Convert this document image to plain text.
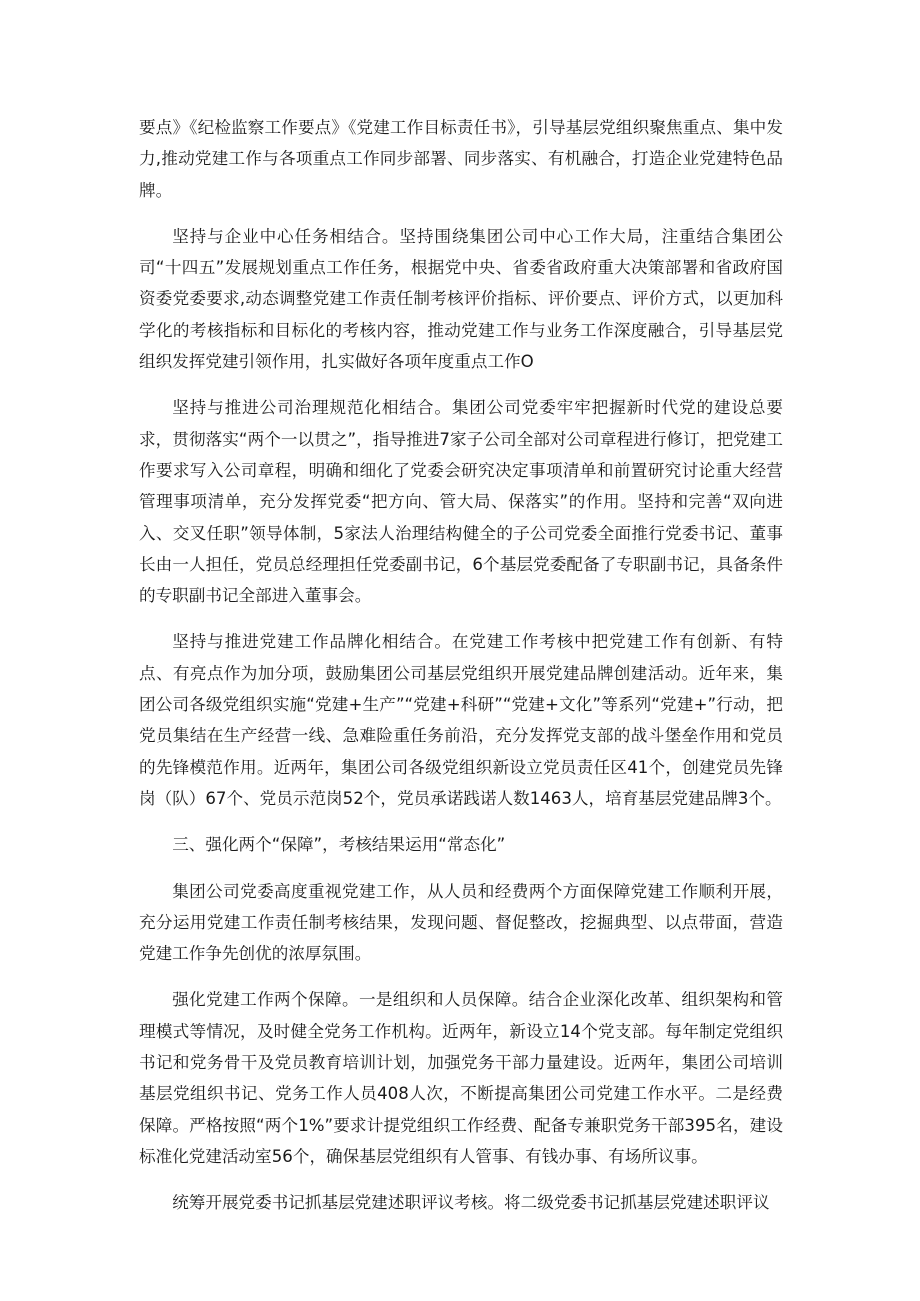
要点》《纪检监察工作要点》《党建工作目标责任书》，引导基层党组织聚焦重点、集中发力,推动党建工作与各项重点工作同步部署、同步落实、有机融合，打造企业党建特色品牌。

坚持与企业中心任务相结合。坚持围绕集团公司中心工作大局，注重结合集团公司“十四五”发展规划重点工作任务，根据党中央、省委省政府重大决策部署和省政府国资委党委要求,动态调整党建工作责任制考核评价指标、评价要点、评价方式，以更加科学化的考核指标和目标化的考核内容，推动党建工作与业务工作深度融合，引导基层党组织发挥党建引领作用，扎实做好各项年度重点工作O

坚持与推进公司治理规范化相结合。集团公司党委牢牢把握新时代党的建设总要求，贯彻落实“两个一以贯之”，指导推进7家子公司全部对公司章程进行修订，把党建工作要求写入公司章程，明确和细化了党委会研究决定事项清单和前置研究讨论重大经营管理事项清单，充分发挥党委“把方向、管大局、保落实”的作用。坚持和完善“双向进入、交叉任职”领导体制，5家法人治理结构健全的子公司党委全面推行党委书记、董事长由一人担任，党员总经理担任党委副书记，6个基层党委配备了专职副书记，具备条件的专职副书记全部进入董事会。

坚持与推进党建工作品牌化相结合。在党建工作考核中把党建工作有创新、有特点、有亮点作为加分项，鼓励集团公司基层党组织开展党建品牌创建活动。近年来，集团公司各级党组织实施“党建+生产”“党建+科研”“党建+文化”等系列“党建+”行动，把党员集结在生产经营一线、急难险重任务前沿，充分发挥党支部的战斗堡垒作用和党员的先锋模范作用。近两年，集团公司各级党组织新设立党员责任区41个，创建党员先锋岗（队）67个、党员示范岗52个，党员承诺践诺人数1463人，培育基层党建品牌3个。

三、强化两个“保障”，考核结果运用“常态化”

集团公司党委高度重视党建工作，从人员和经费两个方面保障党建工作顺利开展，充分运用党建工作责任制考核结果，发现问题、督促整改，挖掘典型、以点带面，营造党建工作争先创优的浓厚氛围。

强化党建工作两个保障。一是组织和人员保障。结合企业深化改革、组织架构和管理模式等情况，及时健全党务工作机构。近两年，新设立14个党支部。每年制定党组织书记和党务骨干及党员教育培训计划，加强党务干部力量建设。近两年，集团公司培训基层党组织书记、党务工作人员408人次，不断提高集团公司党建工作水平。二是经费保障。严格按照“两个1%”要求计提党组织工作经费、配备专兼职党务干部395名，建设标准化党建活动室56个，确保基层党组织有人管事、有钱办事、有场所议事。

统筹开展党委书记抓基层党建述职评议考核。将二级党委书记抓基层党建述职评议
